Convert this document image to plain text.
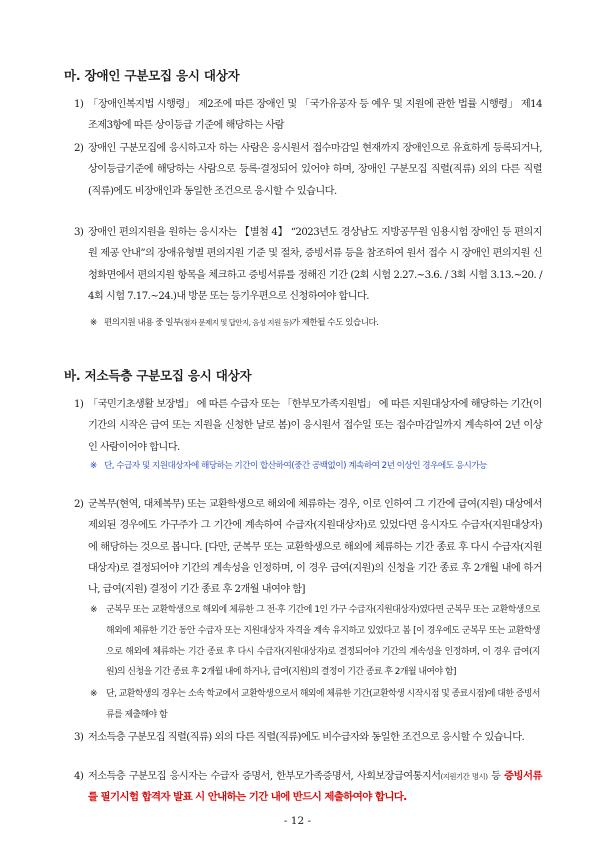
마. 장애인 구분모집 응시 대상자
1) 「장애인복지법 시행령」 제2조에 따른 장애인 및 「국가유공자 등 예우 및 지원에 관한 법률 시행령」 제14조제3항에 따른 상이등급 기준에 해당하는 사람
2) 장애인 구분모집에 응시하고자 하는 사람은 응시원서 접수마감일 현재까지 장애인으로 유효하게 등록되거나, 상이등급기준에 해당하는 사람으로 등록·결정되어 있어야 하며, 장애인 구분모집 직렬(직류) 외의 다른 직렬(직류)에도 비장애인과 동일한 조건으로 응시할 수 있습니다.
3) 장애인 편의지원을 원하는 응시자는 【별첨 4】 “2023년도 경상남도 지방공무원 임용시험 장애인 등 편의지원 제공 안내”의 장애유형별 편의지원 기준 및 절차, 증빙서류 등을 참조하여 원서 접수 시 장애인 편의지원 신청화면에서 편의지원 항목을 체크하고 증빙서류를 정해진 기간 (2회 시험 2.27.~3.6. / 3회 시험 3.13.~20. / 4회 시험 7.17.~24.)내 방문 또는 등기우편으로 신청하여야 합니다.
※ 편의지원 내용 중 일부(점자 문제지 및 답안지, 음성 지원 등)가 제한될 수도 있습니다.
바. 저소득층 구분모집 응시 대상자
1) 「국민기초생활 보장법」 에 따른 수급자 또는 「한부모가족지원법」 에 따른 지원대상자에 해당하는 기간(이 기간의 시작은 급여 또는 지원을 신청한 날로 봄)이 응시원서 접수일 또는 접수마감일까지 계속하여 2년 이상인 사람이어야 합니다.
※ 단, 수급자 및 지원대상자에 해당하는 기간이 합산하여(중간 공백없이) 계속하여 2년 이상인 경우에도 응시가능
2) 군복무(현역, 대체복무) 또는 교환학생으로 해외에 체류하는 경우, 이로 인하여 그 기간에 급여(지원) 대상에서 제외된 경우에도 가구주가 그 기간에 계속하여 수급자(지원대상자)로 있었다면 응시자도 수급자(지원대상자)에 해당하는 것으로 봅니다. [다만, 군복무 또는 교환학생으로 해외에 체류하는 기간 종료 후 다시 수급자(지원대상자)로 결정되어야 기간의 계속성을 인정하며, 이 경우 급여(지원)의 신청을 기간 종료 후 2개월 내에 하거나, 급여(지원) 결정이 기간 종료 후 2개월 내여야 함]
※ 군복무 또는 교환학생으로 해외에 체류한 그 전·후 기간에 1인 가구 수급자(지원대상자)였다면 군복무 또는 교환학생으로 해외에 체류한 기간 동안 수급자 또는 지원대상자 자격을 계속 유지하고 있었다고 봄 [이 경우에도 군복무 또는 교환학생으로 해외에 체류하는 기간 종료 후 다시 수급자(지원대상자)로 결정되어야 기간의 계속성을 인정하며, 이 경우 급여(지원)의 신청을 기간 종료 후 2개월 내에 하거나, 급여(지원)의 결정이 기간 종료 후 2개월 내여야 함]
※ 단, 교환학생의 경우는 소속 학교에서 교환학생으로서 해외에 체류한 기간(교환학생 시작시점 및 종료시점)에 대한 증빙서류를 제출해야 함
3) 저소득층 구분모집 직렬(직류) 외의 다른 직렬(직류)에도 비수급자와 동일한 조건으로 응시할 수 있습니다.
4) 저소득층 구분모집 응시자는 수급자 증명서, 한부모가족증명서, 사회보장급여통지서(지원기간 명시) 등 증빙서류를 필기시험 합격자 발표 시 안내하는 기간 내에 반드시 제출하여야 합니다.
- 12 -
